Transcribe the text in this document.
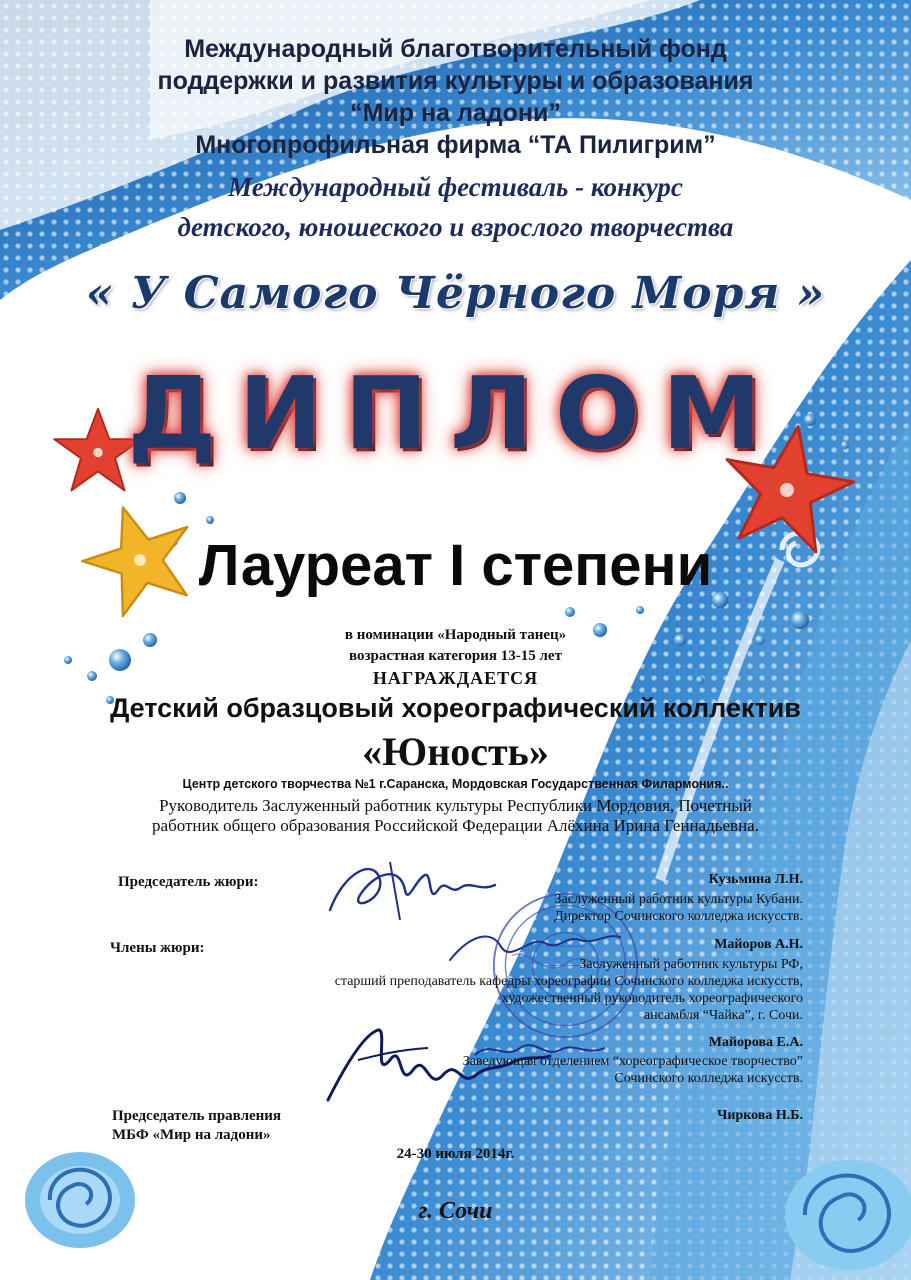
Международный благотворительный фонд

поддержки и развития культуры и образования

“Мир на ладони”

Многопрофильная фирма “ТА Пилигрим”

Международный фестиваль - конкурс

детского, юношеского и взрослого творчества

« У Самого Чёрного Моря »

ДИПЛОМ

Лауреат I степени

в номинации «Народный танец»

возрастная категория 13-15 лет

НАГРАЖДАЕТСЯ

Детский образцовый хореографический коллектив

«Юность»

Центр детского творчества №1 г.Саранска, Мордовская Государственная Филармония..

Руководитель Заслуженный работник культуры Республики Мордовия, Почетный

работник общего образования Российской Федерации Алёхина Ирина Геннадьевна.

Председатель жюри:

Члены жюри:

Председатель правления

МБФ «Мир на ладони»

Кузьмина Л.Н.

Заслуженный работник культуры Кубани.

Директор Сочинского колледжа искусств.

Майоров А.Н.

Заслуженный работник культуры РФ,

старший преподаватель кафедры хореографии Сочинского колледжа искусств,

художественный руководитель хореографического

ансамбля “Чайка”, г. Сочи.

Майорова Е.А.

Заведующая отделением “хореографическое творчество”

Сочинского колледжа искусств.

Чиркова Н.Б.

24-30 июля 2014г.

г. Сочи
